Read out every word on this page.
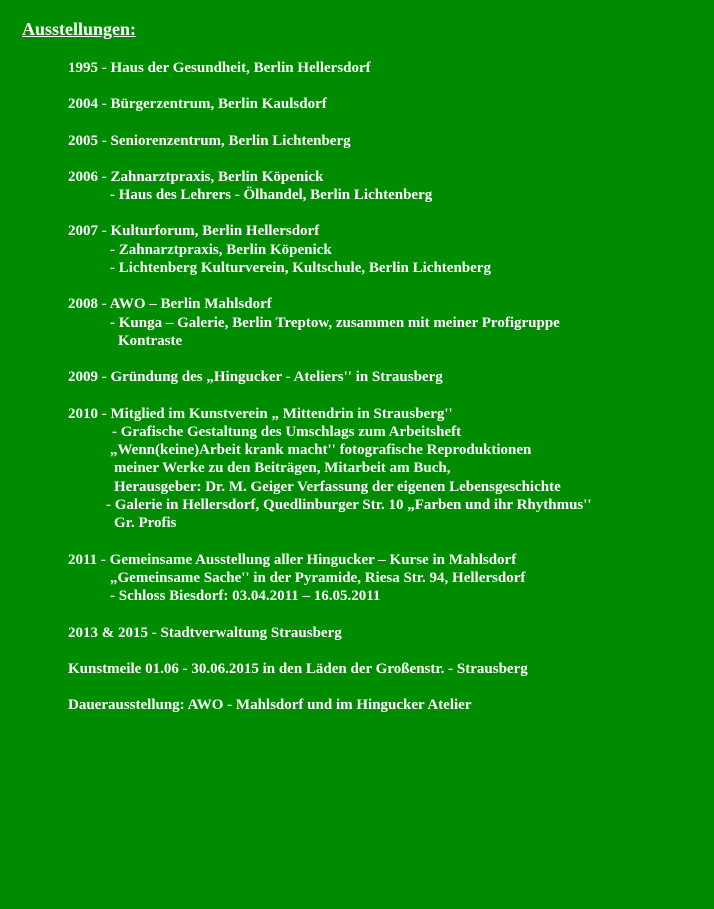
Ausstellungen:
1995 - Haus der Gesundheit, Berlin Hellersdorf
2004 - Bürgerzentrum, Berlin Kaulsdorf
2005 - Seniorenzentrum, Berlin Lichtenberg
2006 - Zahnarztpraxis, Berlin Köpenick
- Haus des Lehrers - Ölhandel, Berlin Lichtenberg
2007 - Kulturforum, Berlin Hellersdorf
- Zahnarztpraxis, Berlin Köpenick
- Lichtenberg Kulturverein, Kultschule, Berlin Lichtenberg
2008 - AWO – Berlin Mahlsdorf
- Kunga – Galerie, Berlin Treptow, zusammen mit meiner Profigruppe
Kontraste
2009 - Gründung des „Hingucker - Ateliers'' in Strausberg
2010 - Mitglied im Kunstverein „ Mittendrin in Strausberg''
- Grafische Gestaltung des Umschlags zum Arbeitsheft
„Wenn(keine)Arbeit krank macht'' fotografische Reproduktionen
meiner Werke zu den Beiträgen, Mitarbeit am Buch,
Herausgeber: Dr. M. Geiger Verfassung der eigenen Lebensgeschichte
- Galerie in Hellersdorf, Quedlinburger Str. 10 „Farben und ihr Rhythmus''
Gr. Profis
2011 - Gemeinsame Ausstellung aller Hingucker – Kurse in Mahlsdorf
„Gemeinsame Sache'' in der Pyramide, Riesa Str. 94, Hellersdorf
- Schloss Biesdorf: 03.04.2011 – 16.05.2011
2013 & 2015 - Stadtverwaltung Strausberg
Kunstmeile 01.06 - 30.06.2015 in den Läden der Großenstr. - Strausberg
Dauerausstellung: AWO - Mahlsdorf und im Hingucker Atelier
